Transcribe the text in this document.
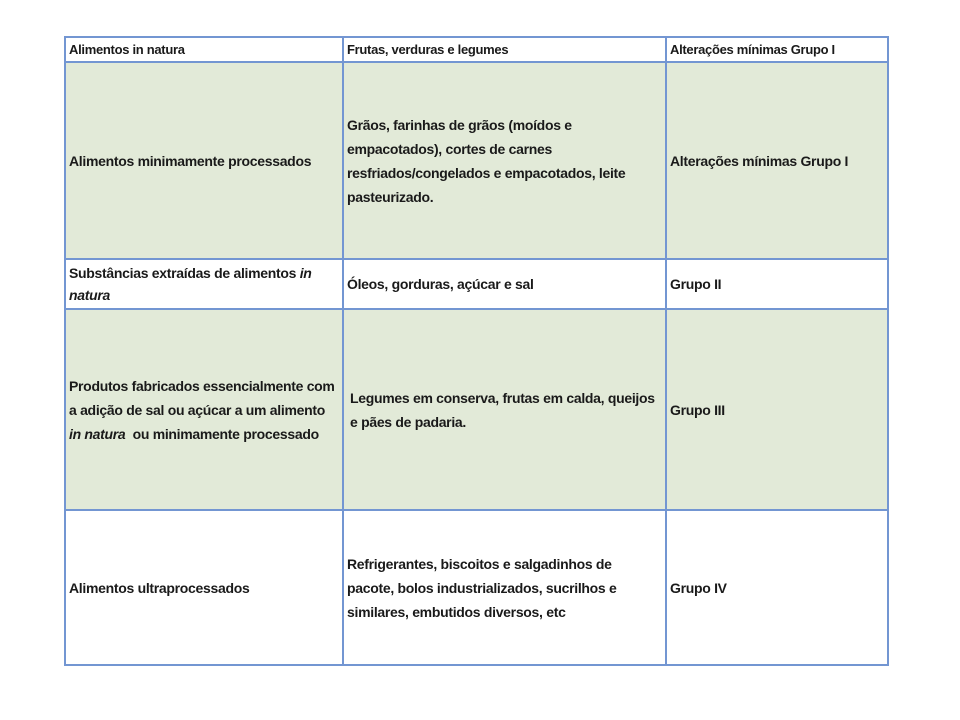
Alimentos in natura	Frutas, verduras e legumes	Alterações mínimas Grupo I
Alimentos minimamente processados	Grãos, farinhas de grãos (moídos e empacotados), cortes de carnes resfriados/congelados e empacotados, leite pasteurizado.	Alterações mínimas Grupo I
Substâncias extraídas de alimentos in natura	Óleos, gorduras, açúcar e sal	Grupo II
Produtos fabricados essencialmente com a adição de sal ou açúcar a um alimento in natura  ou minimamente processado	Legumes em conserva, frutas em calda, queijos e pães de padaria.	Grupo III
Alimentos ultraprocessados	Refrigerantes, biscoitos e salgadinhos de pacote, bolos industrializados, sucrilhos e similares, embutidos diversos, etc	Grupo IV
